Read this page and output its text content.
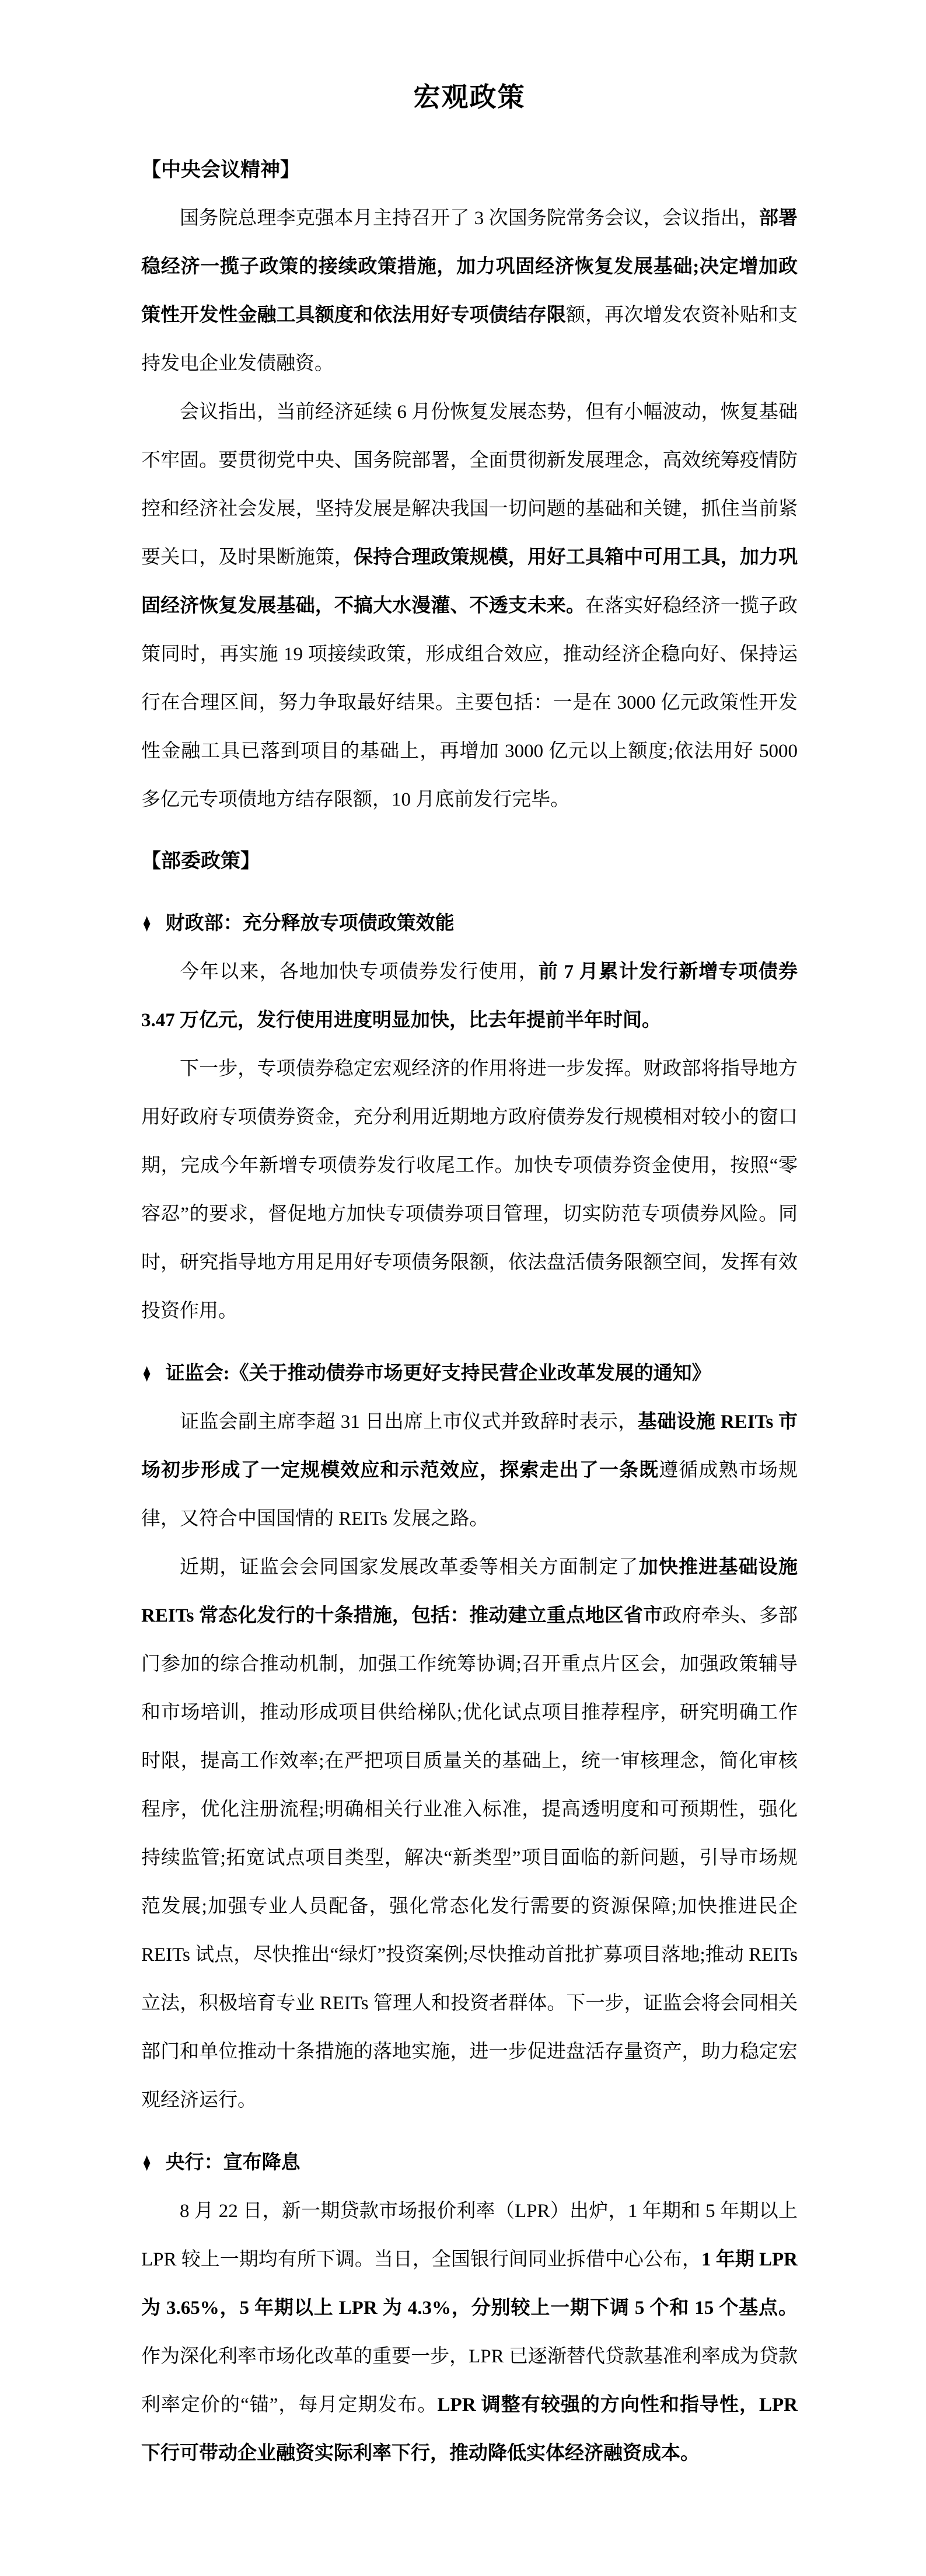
宏观政策
【中央会议精神】

国务院总理李克强本月主持召开了 3 次国务院常务会议，会议指出，部署稳经济一揽子政策的接续政策措施，加力巩固经济恢复发展基础;决定增加政策性开发性金融工具额度和依法用好专项债结存限额，再次增发农资补贴和支持发电企业发债融资。

会议指出，当前经济延续 6 月份恢复发展态势，但有小幅波动，恢复基础不牢固。要贯彻党中央、国务院部署，全面贯彻新发展理念，高效统筹疫情防控和经济社会发展，坚持发展是解决我国一切问题的基础和关键，抓住当前紧要关口，及时果断施策，保持合理政策规模，用好工具箱中可用工具，加力巩固经济恢复发展基础，不搞大水漫灌、不透支未来。在落实好稳经济一揽子政策同时，再实施 19 项接续政策，形成组合效应，推动经济企稳向好、保持运行在合理区间，努力争取最好结果。主要包括：一是在 3000 亿元政策性开发性金融工具已落到项目的基础上，再增加 3000 亿元以上额度;依法用好 5000 多亿元专项债地方结存限额，10 月底前发行完毕。

【部委政策】
♦ 财政部：充分释放专项债政策效能

今年以来，各地加快专项债券发行使用，前 7 月累计发行新增专项债券 3.47 万亿元，发行使用进度明显加快，比去年提前半年时间。

下一步，专项债券稳定宏观经济的作用将进一步发挥。财政部将指导地方用好政府专项债券资金，充分利用近期地方政府债券发行规模相对较小的窗口期，完成今年新增专项债券发行收尾工作。加快专项债券资金使用，按照“零容忍”的要求，督促地方加快专项债券项目管理，切实防范专项债券风险。同时，研究指导地方用足用好专项债务限额，依法盘活债务限额空间，发挥有效投资作用。

♦ 证监会:《关于推动债券市场更好支持民营企业改革发展的通知》

证监会副主席李超 31 日出席上市仪式并致辞时表示，基础设施 REITs 市场初步形成了一定规模效应和示范效应，探索走出了一条既遵循成熟市场规律，又符合中国国情的 REITs 发展之路。

近期，证监会会同国家发展改革委等相关方面制定了加快推进基础设施 REITs 常态化发行的十条措施，包括：推动建立重点地区省市政府牵头、多部门参加的综合推动机制，加强工作统筹协调;召开重点片区会，加强政策辅导和市场培训，推动形成项目供给梯队;优化试点项目推荐程序，研究明确工作时限，提高工作效率;在严把项目质量关的基础上，统一审核理念，简化审核程序，优化注册流程;明确相关行业准入标准，提高透明度和可预期性，强化持续监管;拓宽试点项目类型，解决“新类型”项目面临的新问题，引导市场规范发展;加强专业人员配备，强化常态化发行需要的资源保障;加快推进民企 REITs 试点，尽快推出“绿灯”投资案例;尽快推动首批扩募项目落地;推动 REITs 立法，积极培育专业 REITs 管理人和投资者群体。下一步，证监会将会同相关部门和单位推动十条措施的落地实施，进一步促进盘活存量资产，助力稳定宏观经济运行。

♦ 央行：宣布降息

8 月 22 日，新一期贷款市场报价利率（LPR）出炉，1 年期和 5 年期以上 LPR 较上一期均有所下调。当日，全国银行间同业拆借中心公布，1 年期 LPR 为 3.65%，5 年期以上 LPR 为 4.3%，分别较上一期下调 5 个和 15 个基点。作为深化利率市场化改革的重要一步，LPR 已逐渐替代贷款基准利率成为贷款利率定价的“锚”，每月定期发布。LPR 调整有较强的方向性和指导性，LPR 下行可带动企业融资实际利率下行，推动降低实体经济融资成本。
